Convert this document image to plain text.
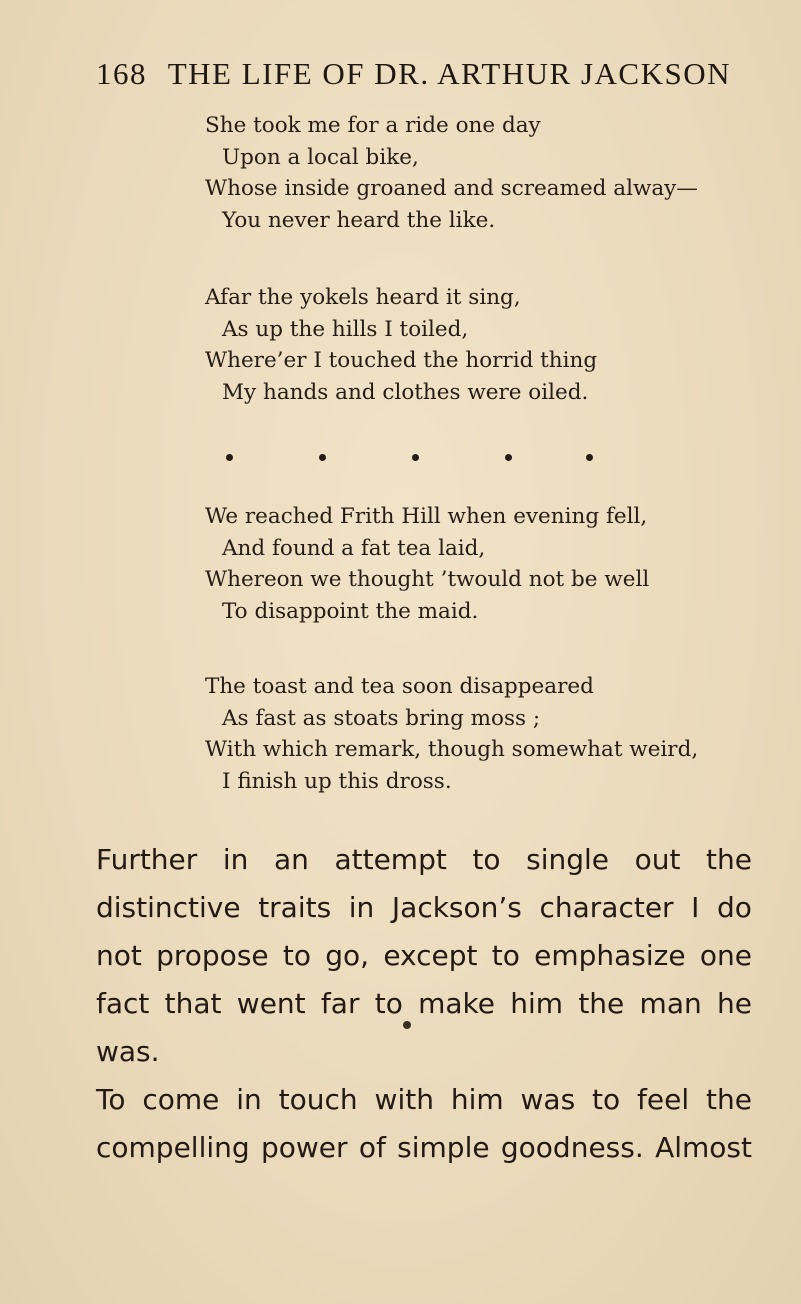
168 THE LIFE OF DR. ARTHUR JACKSON
She took me for a ride one day
Upon a local bike,
Whose inside groaned and screamed alway—
You never heard the like.
Afar the yokels heard it sing,
As up the hills I toiled,
Where’er I touched the horrid thing
My hands and clothes were oiled.
We reached Frith Hill when evening fell,
And found a fat tea laid,
Whereon we thought ’twould not be well
To disappoint the maid.
The toast and tea soon disappeared
As fast as stoats bring moss ;
With which remark, though somewhat weird,
I finish up this dross.
Further in an attempt to single out the
distinctive traits in Jackson’s character I do
not propose to go, except to emphasize one
fact that went far to make him the man he
was.
To come in touch with him was to feel the
compelling power of simple goodness. Almost
